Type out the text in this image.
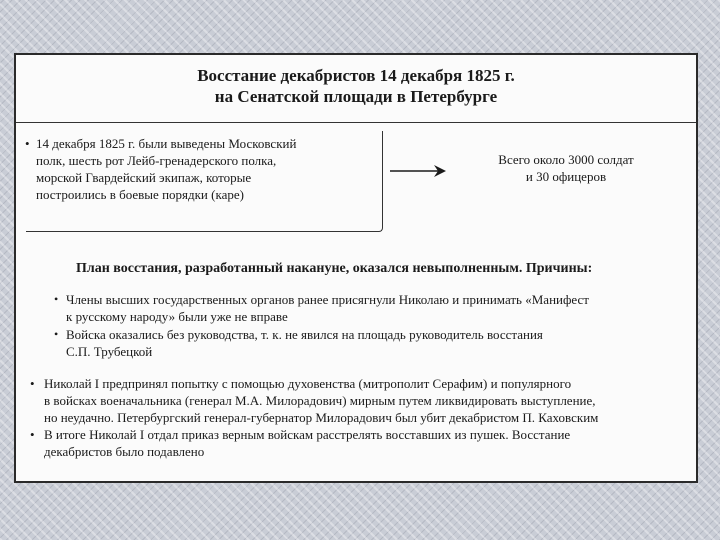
Восстание декабристов 14 декабря 1825 г.
на Сенатской площади в Петербурге
• 14 декабря 1825 г. были выведены Московский
полк, шесть рот Лейб-гренадерского полка,
морской Гвардейский экипаж, которые
построились в боевые порядки (каре)
Всего около 3000 солдат
и 30 офицеров
План восстания, разработанный накануне, оказался невыполненным. Причины:
• Члены высших государственных органов ранее присягнули Николаю и принимать «Манифест
к русскому народу» были уже не вправе
• Войска оказались без руководства, т. к. не явился на площадь руководитель восстания
С.П. Трубецкой
• Николай I предпринял попытку с помощью духовенства (митрополит Серафим) и популярного
в войсках военачальника (генерал М.А. Милорадович) мирным путем ликвидировать выступление,
но неудачно. Петербургский генерал-губернатор Милорадович был убит декабристом П. Каховским
• В итоге Николай I отдал приказ верным войскам расстрелять восставших из пушек. Восстание
декабристов было подавлено
